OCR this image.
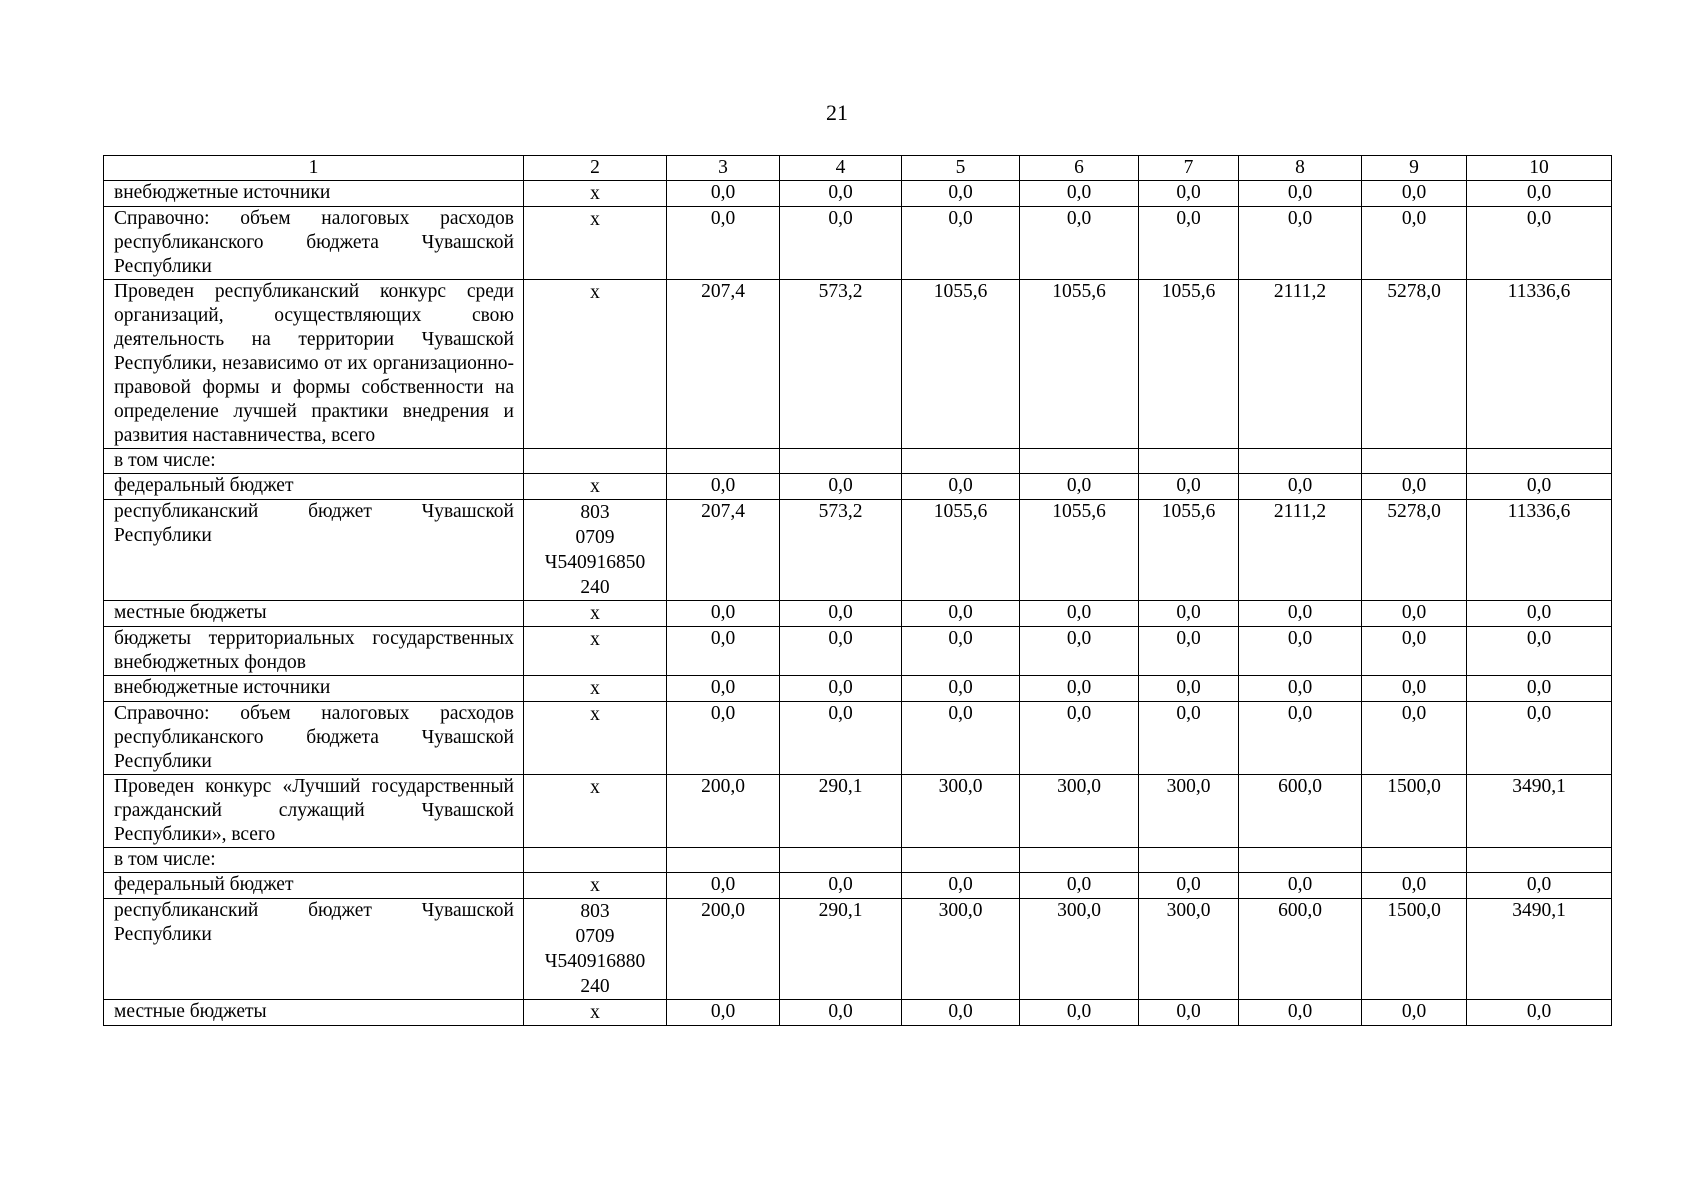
21
1	2	3	4	5	6	7	8	9	10
внебюджетные источники	х	0,0	0,0	0,0	0,0	0,0	0,0	0,0	0,0
Справочно: объем налоговых расходов республиканского бюджета Чувашской Республики	х	0,0	0,0	0,0	0,0	0,0	0,0	0,0	0,0
Проведен республиканский конкурс среди организаций, осуществляющих свою деятельность на территории Чувашской Республики, независимо от их организационно-правовой формы и формы собственности на определение лучшей практики внедрения и развития наставничества, всего	х	207,4	573,2	1055,6	1055,6	1055,6	2111,2	5278,0	11336,6
в том числе:									
федеральный бюджет	х	0,0	0,0	0,0	0,0	0,0	0,0	0,0	0,0
республиканский бюджет Чувашской Республики	803
0709
Ч540916850
240	207,4	573,2	1055,6	1055,6	1055,6	2111,2	5278,0	11336,6
местные бюджеты	х	0,0	0,0	0,0	0,0	0,0	0,0	0,0	0,0
бюджеты территориальных государственных внебюджетных фондов	х	0,0	0,0	0,0	0,0	0,0	0,0	0,0	0,0
внебюджетные источники	х	0,0	0,0	0,0	0,0	0,0	0,0	0,0	0,0
Справочно: объем налоговых расходов республиканского бюджета Чувашской Республики	х	0,0	0,0	0,0	0,0	0,0	0,0	0,0	0,0
Проведен конкурс «Лучший государственный гражданский служащий Чувашской Республики», всего	х	200,0	290,1	300,0	300,0	300,0	600,0	1500,0	3490,1
в том числе:									
федеральный бюджет	х	0,0	0,0	0,0	0,0	0,0	0,0	0,0	0,0
республиканский бюджет Чувашской Республики	803
0709
Ч540916880
240	200,0	290,1	300,0	300,0	300,0	600,0	1500,0	3490,1
местные бюджеты	х	0,0	0,0	0,0	0,0	0,0	0,0	0,0	0,0
